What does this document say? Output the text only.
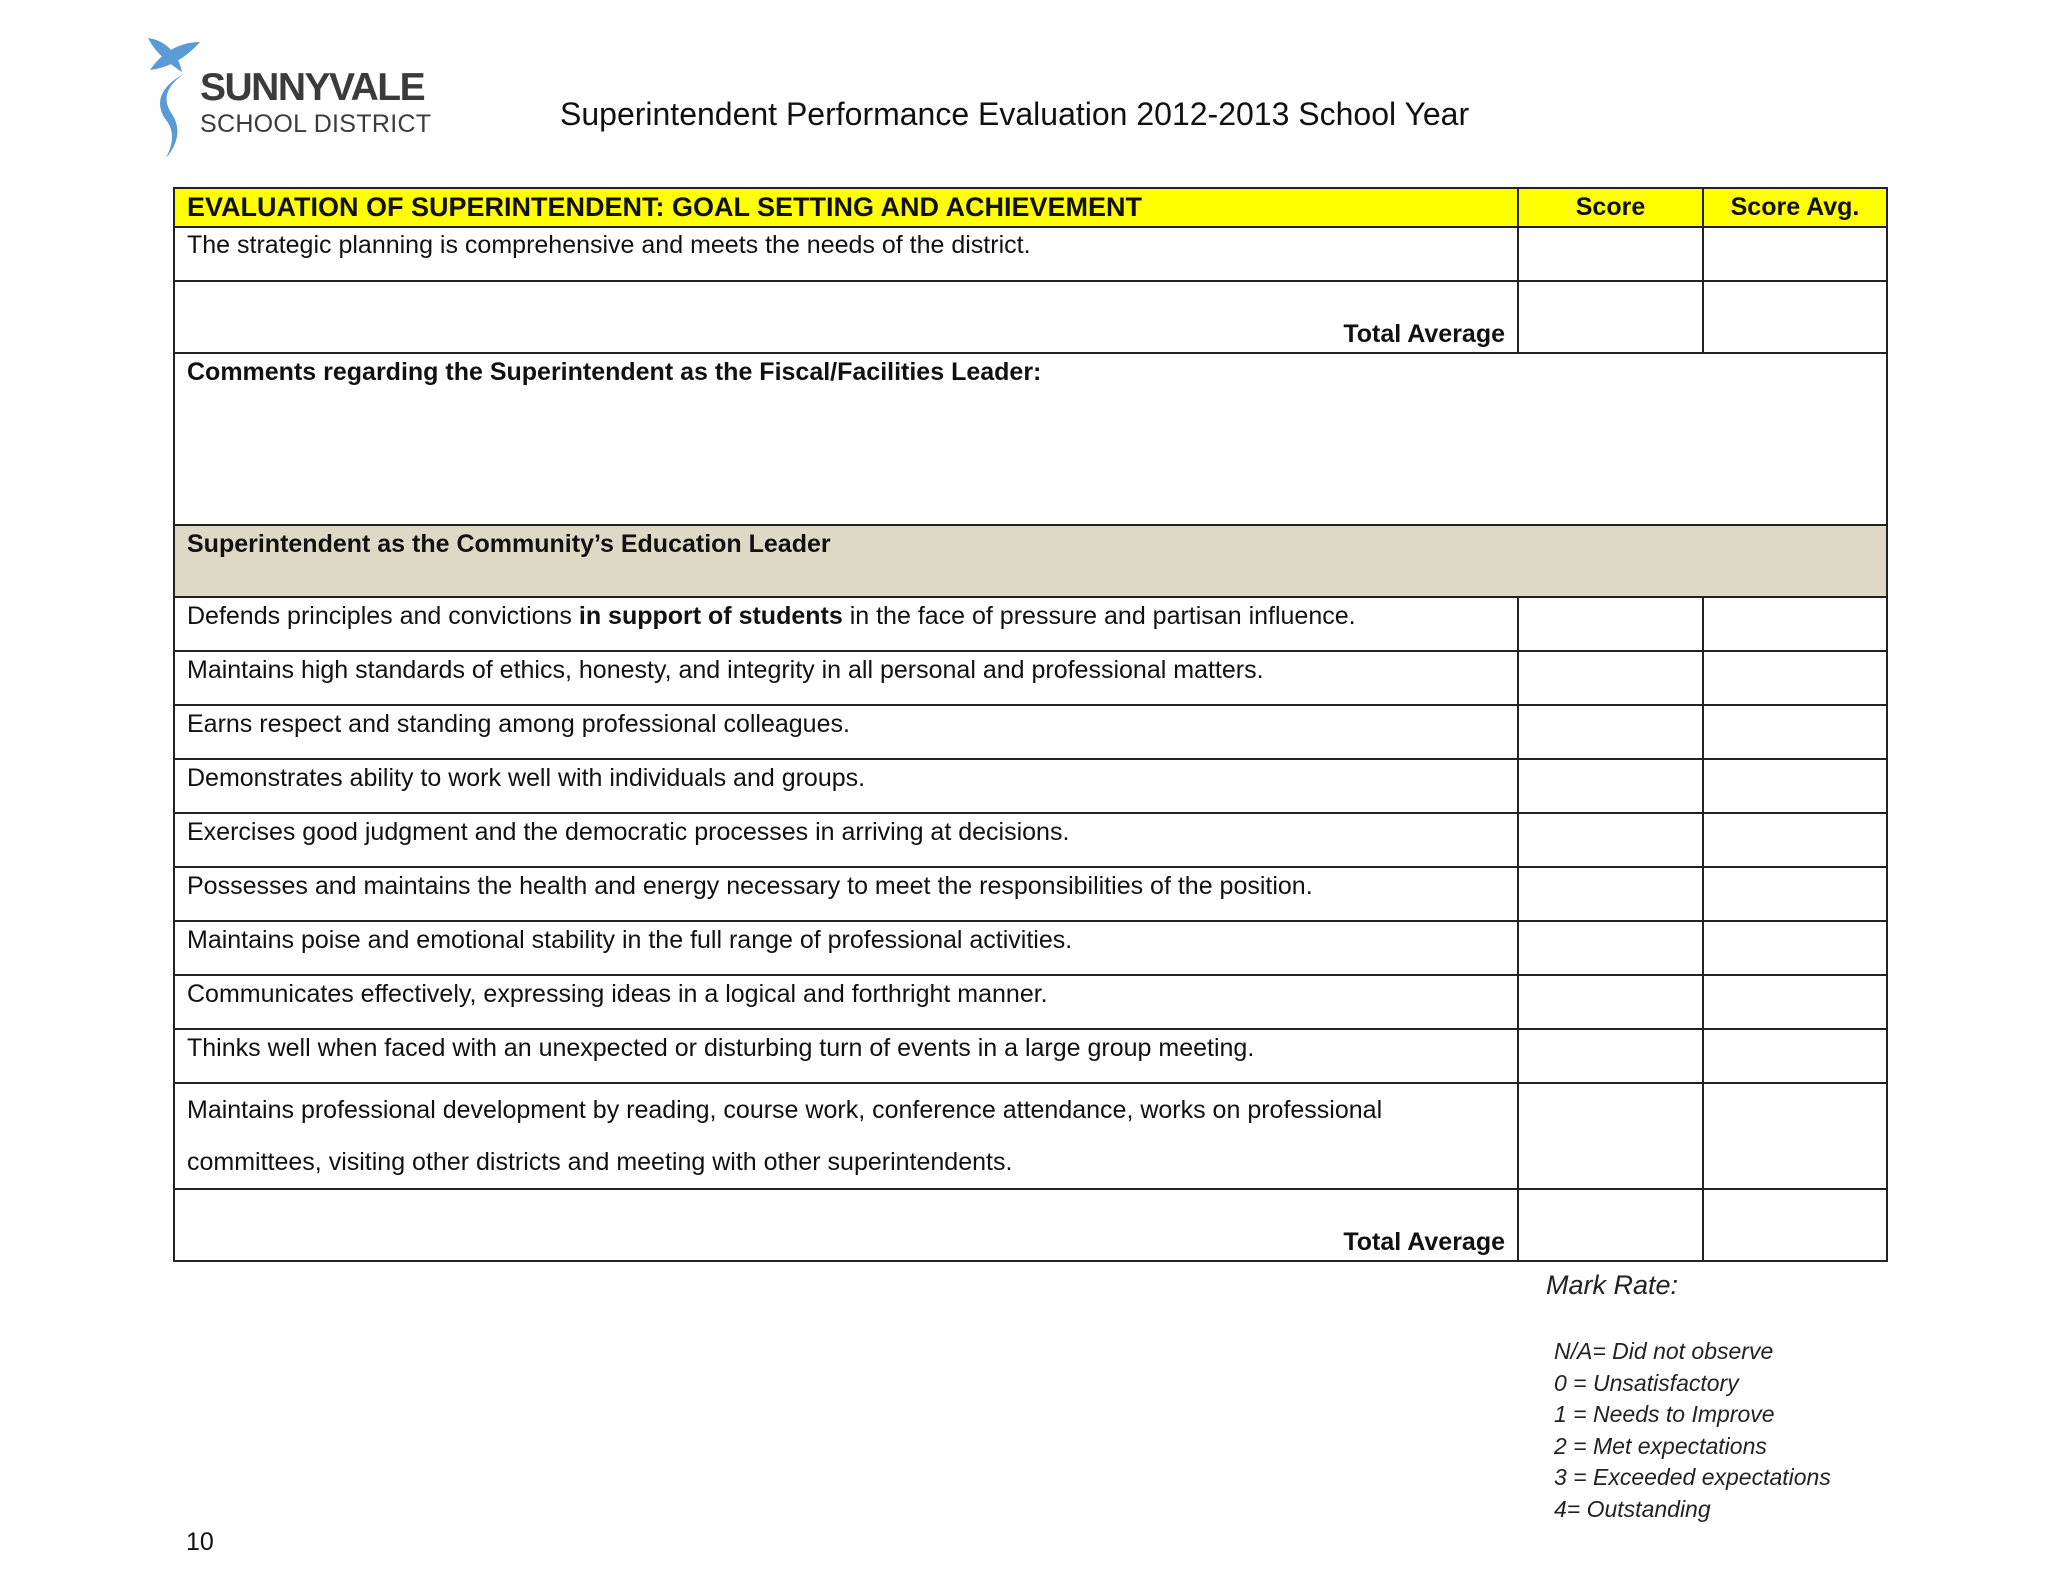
SUNNYVALE
SCHOOL DISTRICT	Superintendent Performance Evaluation 2012-2013 School Year
EVALUATION OF SUPERINTENDENT: GOAL SETTING AND ACHIEVEMENT	Score	Score Avg.
The strategic planning is comprehensive and meets the needs of the district.		
Total Average		
Comments regarding the Superintendent as the Fiscal/Facilities Leader:		
Superintendent as the Community’s Education Leader		
Defends principles and convictions in support of students in the face of pressure and partisan influence.		
Maintains high standards of ethics, honesty, and integrity in all personal and professional matters.		
Earns respect and standing among professional colleagues.		
Demonstrates ability to work well with individuals and groups.		
Exercises good judgment and the democratic processes in arriving at decisions.		
Possesses and maintains the health and energy necessary to meet the responsibilities of the position.		
Maintains poise and emotional stability in the full range of professional activities.		
Communicates effectively, expressing ideas in a logical and forthright manner.		
Thinks well when faced with an unexpected or disturbing turn of events in a large group meeting.		
Maintains professional development by reading, course work, conference attendance, works on professional
committees, visiting other districts and meeting with other superintendents.		
Total Average		
Mark Rate:
N/A= Did not observe
0 = Unsatisfactory
1 = Needs to Improve
2 = Met expectations
3 = Exceeded expectations
4= Outstanding
10
